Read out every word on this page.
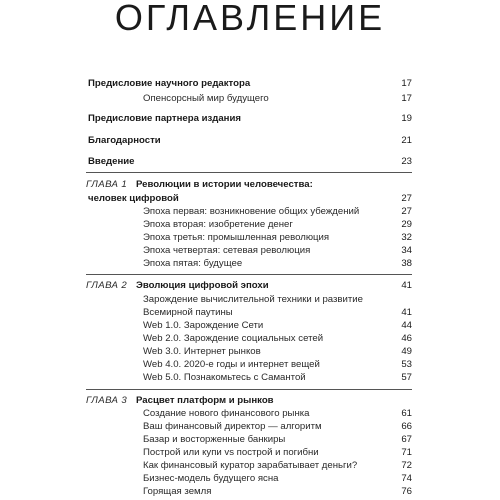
ОГЛАВЛЕНИЕ
Предисловие научного редактора	17
Опенсорсный мир будущего	17
Предисловие партнера издания	19
Благодарности	21
Введение	23
ГЛАВА 1 Революции в истории человечества:
человек цифровой	27
Эпоха первая: возникновение общих убеждений	27
Эпоха вторая: изобретение денег	29
Эпоха третья: промышленная революция	32
Эпоха четвертая: сетевая революция	34
Эпоха пятая: будущее	38
ГЛАВА 2 Эволюция цифровой эпохи	41
Зарождение вычислительной техники и развитие
Всемирной паутины	41
Web 1.0. Зарождение Сети	44
Web 2.0. Зарождение социальных сетей	46
Web 3.0. Интернет рынков	49
Web 4.0. 2020-е годы и интернет вещей	53
Web 5.0. Познакомьтесь с Самантой	57
ГЛАВА 3 Расцвет платформ и рынков
Создание нового финансового рынка	61
Ваш финансовый директор — алгоритм	66
Базар и восторженные банкиры	67
Построй или купи vs построй и погибни	71
Как финансовый куратор зарабатывает деньги?	72
Бизнес-модель будущего ясна	74
Горящая земля	76
